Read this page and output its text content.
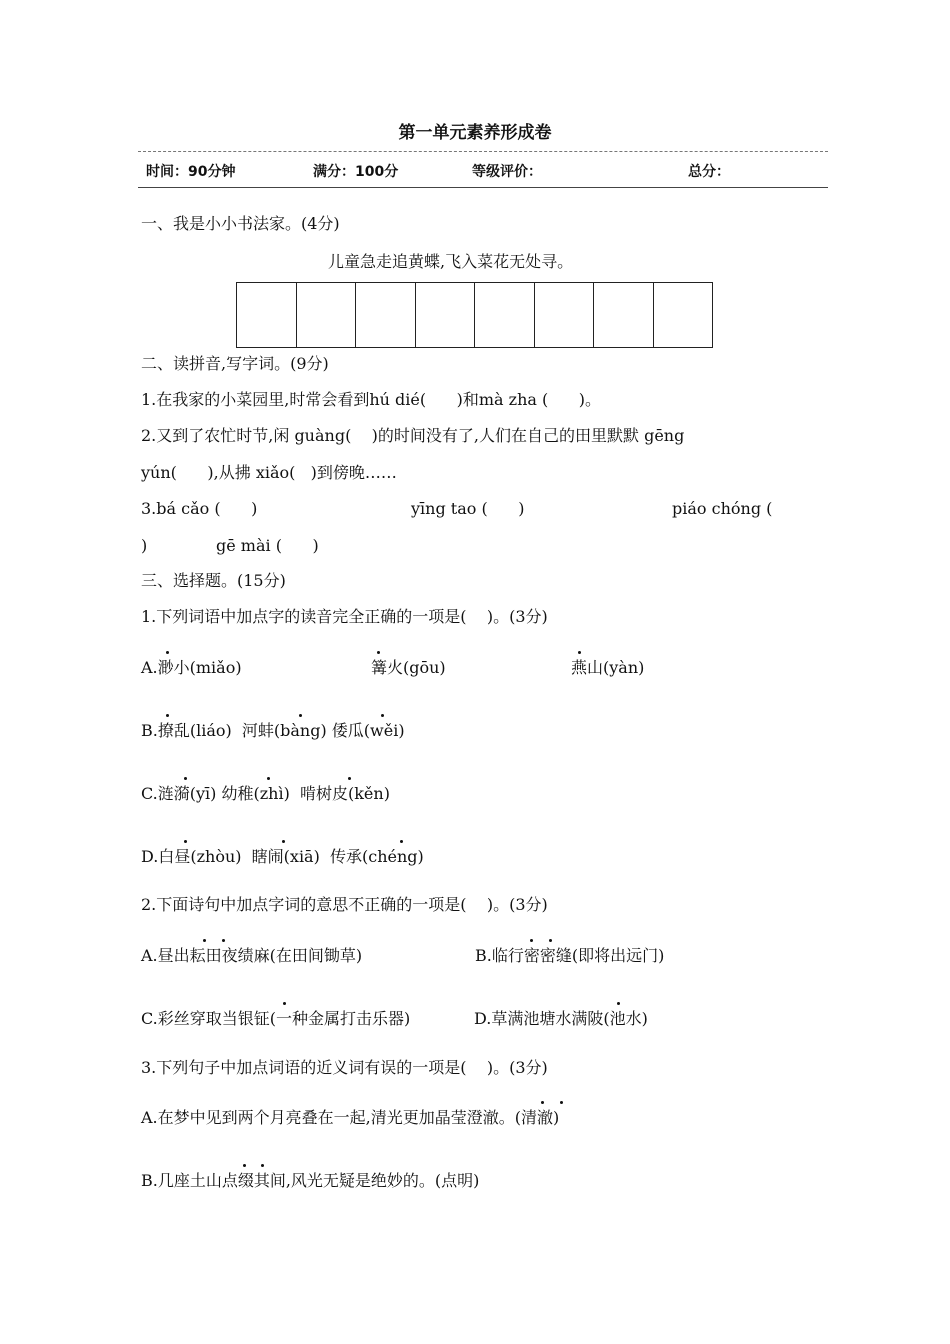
第一单元素养形成卷
时间：90分钟	满分：100分	等级评价：	总分：
一、我是小小书法家。(4分)
儿童急走追黄蝶,飞入菜花无处寻。
二、读拼音,写字词。(9分)
1.在我家的小菜园里,时常会看到hú dié(      )和mà zha (      )。
2.又到了农忙时节,闲 guàng(    )的时间没有了,人们在自己的田里默默 gēng
yún(      ),从拂 xiǎo(   )到傍晚……
3.bá cǎo (      )	yīng tao (      )	piáo chóng (
)	gē mài (      )
三、选择题。(15分)
1.下列词语中加点字的读音完全正确的一项是(    )。(3分)
A.渺小(miǎo)	篝火(gōu)	燕山(yàn)
B.撩乱(liáo)  河蚌(bàng) 倭瓜(wěi)
C.涟漪(yī) 幼稚(zhì)  啃树皮(kěn)
D.白昼(zhòu)  瞎闹(xiā)  传承(chéng)
2.下面诗句中加点字词的意思不正确的一项是(    )。(3分)
A.昼出耘田夜绩麻(在田间锄草)	B.临行密密缝(即将出远门)
C.彩丝穿取当银钲(一种金属打击乐器)	D.草满池塘水满陂(池水)
3.下列句子中加点词语的近义词有误的一项是(    )。(3分)
A.在梦中见到两个月亮叠在一起,清光更加晶莹澄澈。(清澈)
B.几座土山点缀其间,风光无疑是绝妙的。(点明)
